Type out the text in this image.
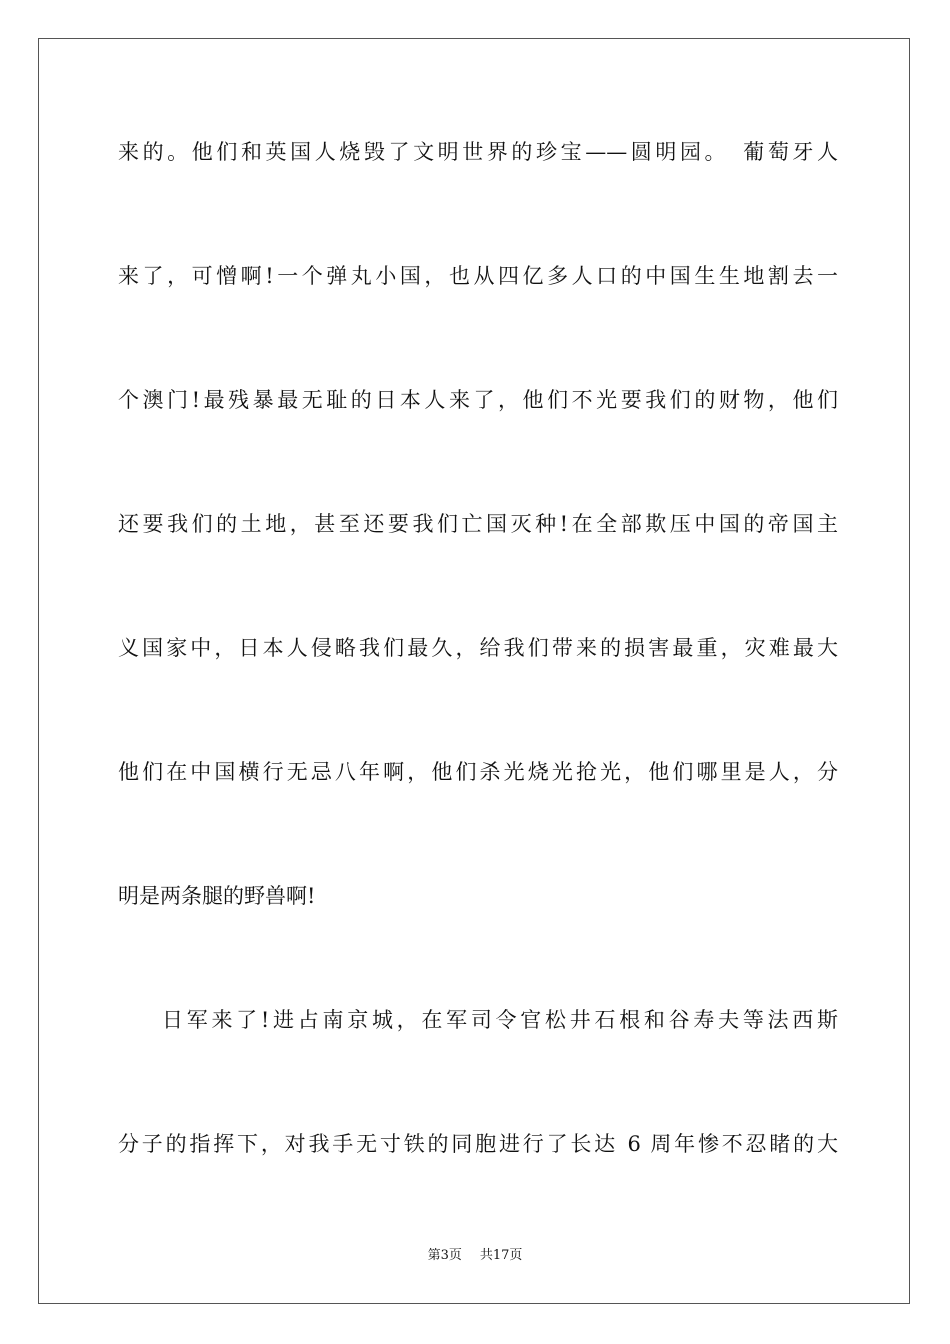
来的。他们和英国人烧毁了文明世界的珍宝——圆明园。　葡萄牙人
来了，可憎啊!一个弹丸小国，也从四亿多人口的中国生生地割去一
个澳门!最残暴最无耻的日本人来了，他们不光要我们的财物，他们
还要我们的土地，甚至还要我们亡国灭种!在全部欺压中国的帝国主
义国家中，日本人侵略我们最久，给我们带来的损害最重，灾难最大
他们在中国横行无忌八年啊，他们杀光烧光抢光，他们哪里是人，分
明是两条腿的野兽啊!
日军来了!进占南京城，在军司令官松井石根和谷寿夫等法西斯
分子的指挥下，对我手无寸铁的同胞进行了长达 6 周年惨不忍睹的大
第3页 共17页
